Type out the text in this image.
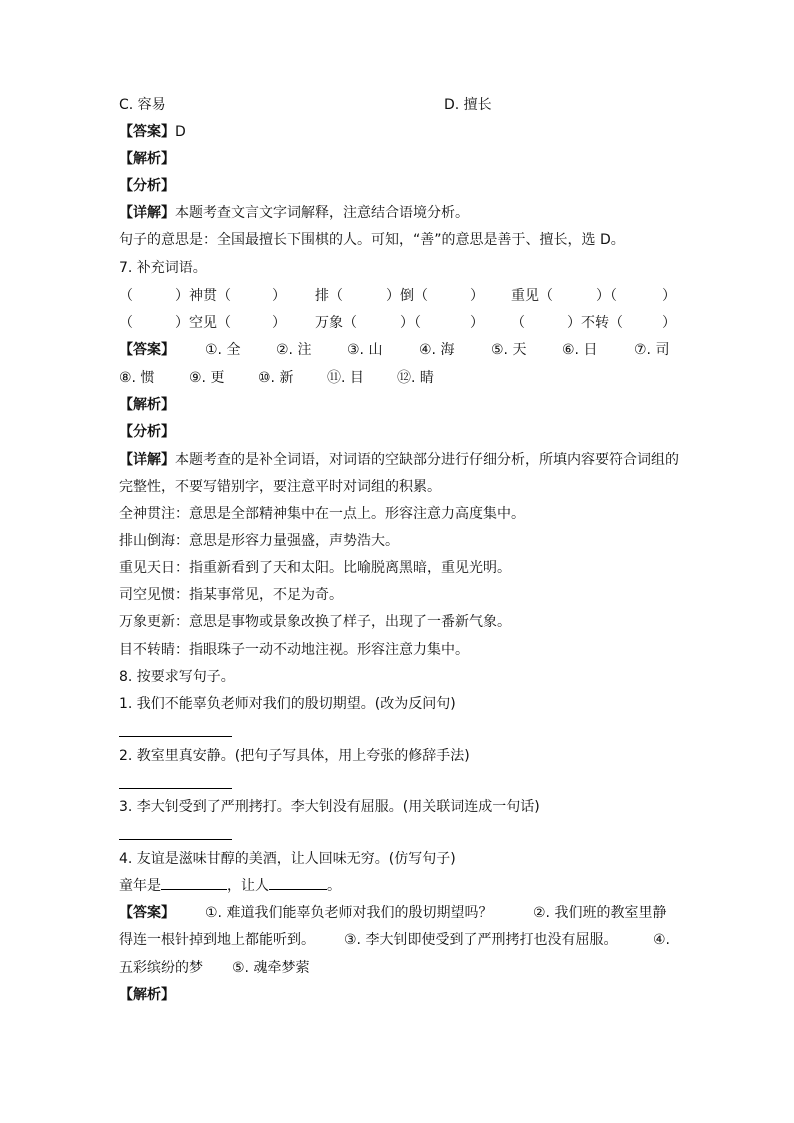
C. 容易	D. 擅长
【答案】D
【解析】
【分析】
【详解】本题考查文言文字词解释，注意结合语境分析。
句子的意思是：全国最擅长下围棋的人。可知，“善”的意思是善于、擅长，选 D。
7. 补充词语。
（	）神贯（	） 排（	）倒（	） 重见（	）（	）
（	）空见（	） 万象（	）（	） （	）不转（	）
【答案】 ①. 全	②. 注	③. 山	④. 海	⑤. 天	⑥. 日	⑦. 司
⑧. 惯 ⑨. 更 ⑩. 新 ⑪. 目 ⑫. 睛
【解析】
【分析】
【详解】本题考查的是补全词语，对词语的空缺部分进行仔细分析，所填内容要符合词组的
完整性，不要写错别字，要注意平时对词组的积累。
全神贯注：意思是全部精神集中在一点上。形容注意力高度集中。
排山倒海：意思是形容力量强盛，声势浩大。
重见天日：指重新看到了天和太阳。比喻脱离黑暗，重见光明。
司空见惯：指某事常见，不足为奇。
万象更新：意思是事物或景象改换了样子，出现了一番新气象。
目不转睛：指眼珠子一动不动地注视。形容注意力集中。
8. 按要求写句子。
1. 我们不能辜负老师对我们的殷切期望。(改为反问句)
2. 教室里真安静。(把句子写具体，用上夸张的修辞手法)
3. 李大钊受到了严刑拷打。李大钊没有屈服。(用关联词连成一句话)
4. 友谊是滋味甘醇的美酒，让人回味无穷。(仿写句子)
童年是	，让人	。
【答案】 ①. 难道我们能辜负老师对我们的殷切期望吗？	②. 我们班的教室里静
得连一根针掉到地上都能听到。 ③. 李大钊即使受到了严刑拷打也没有屈服。	④.
五彩缤纷的梦 ⑤. 魂牵梦萦
【解析】
